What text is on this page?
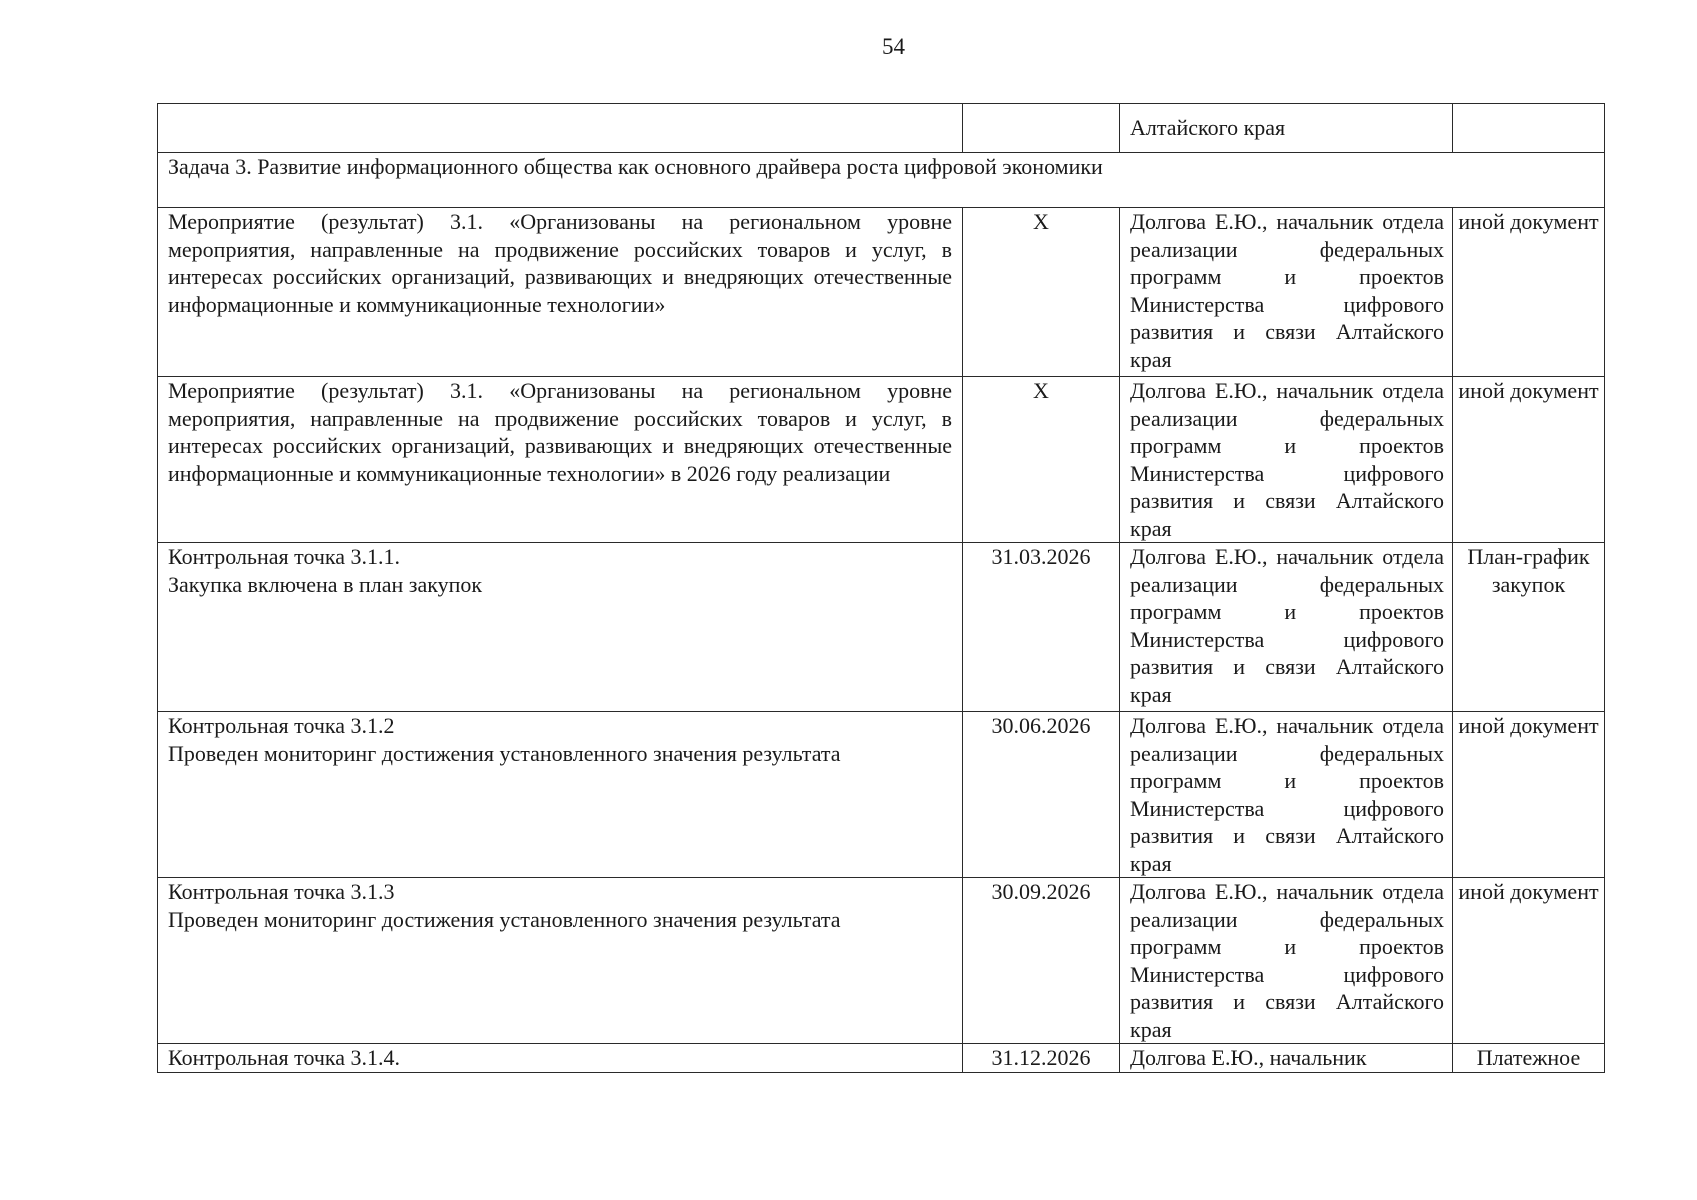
54
		Алтайского края	
Задача 3. Развитие информационного общества как основного драйвера роста цифровой экономики			
Мероприятие (результат) 3.1. «Организованы на региональном уровне мероприятия, направленные на продвижение российских товаров и услуг, в интересах российских организаций, развивающих и внедряющих отечественные информационные и коммуникационные технологии»	X	Долгова Е.Ю., начальник отдела реализации федеральных программ и проектов Министерства цифрового развития и связи Алтайского края	иной документ
Мероприятие (результат) 3.1. «Организованы на региональном уровне мероприятия, направленные на продвижение российских товаров и услуг, в интересах российских организаций, развивающих и внедряющих отечественные информационные и коммуникационные технологии» в 2026 году реализации	X	Долгова Е.Ю., начальник отдела реализации федеральных программ и проектов Министерства цифрового развития и связи Алтайского края	иной документ

Контрольная точка 3.1.1.
Закупка включена в план закупок	31.03.2026	Долгова Е.Ю., начальник отдела реализации федеральных программ и проектов Министерства цифрового развития и связи Алтайского края	План-график закупок

Контрольная точка 3.1.2
Проведен мониторинг достижения установленного значения результата	30.06.2026	Долгова Е.Ю., начальник отдела реализации федеральных программ и проектов Министерства цифрового развития и связи Алтайского края	иной документ

Контрольная точка 3.1.3
Проведен мониторинг достижения установленного значения результата	30.09.2026	Долгова Е.Ю., начальник отдела реализации федеральных программ и проектов Министерства цифрового развития и связи Алтайского края	иной документ

Контрольная точка 3.1.4.	31.12.2026	Долгова Е.Ю., начальник	Платежное
